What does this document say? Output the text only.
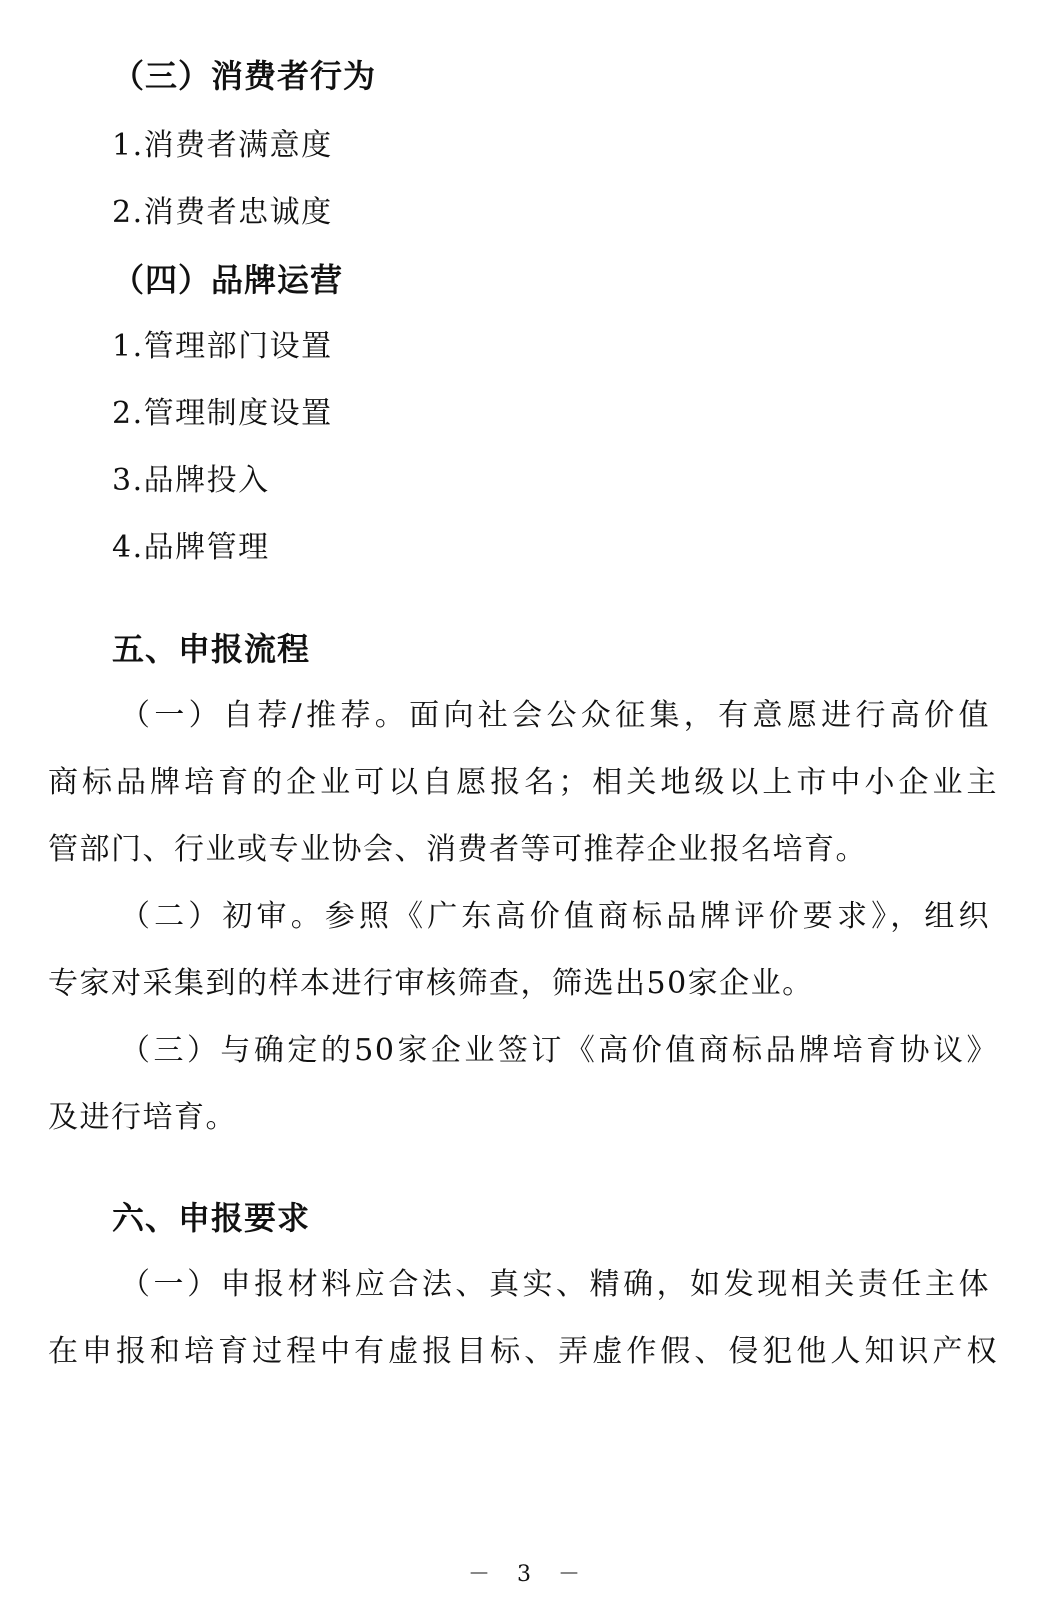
（三）消费者行为
1.消费者满意度
2.消费者忠诚度
（四）品牌运营
1.管理部门设置
2.管理制度设置
3.品牌投入
4.品牌管理
五、申报流程
（一）自荐/推荐。面向社会公众征集，有意愿进行高价值
商标品牌培育的企业可以自愿报名；相关地级以上市中小企业主
管部门、行业或专业协会、消费者等可推荐企业报名培育。
（二）初审。参照《广东高价值商标品牌评价要求》，组织
专家对采集到的样本进行审核筛查，筛选出50家企业。
（三）与确定的50家企业签订《高价值商标品牌培育协议》
及进行培育。
六、申报要求
（一）申报材料应合法、真实、精确，如发现相关责任主体
在申报和培育过程中有虚报目标、弄虚作假、侵犯他人知识产权
－ 3 －
